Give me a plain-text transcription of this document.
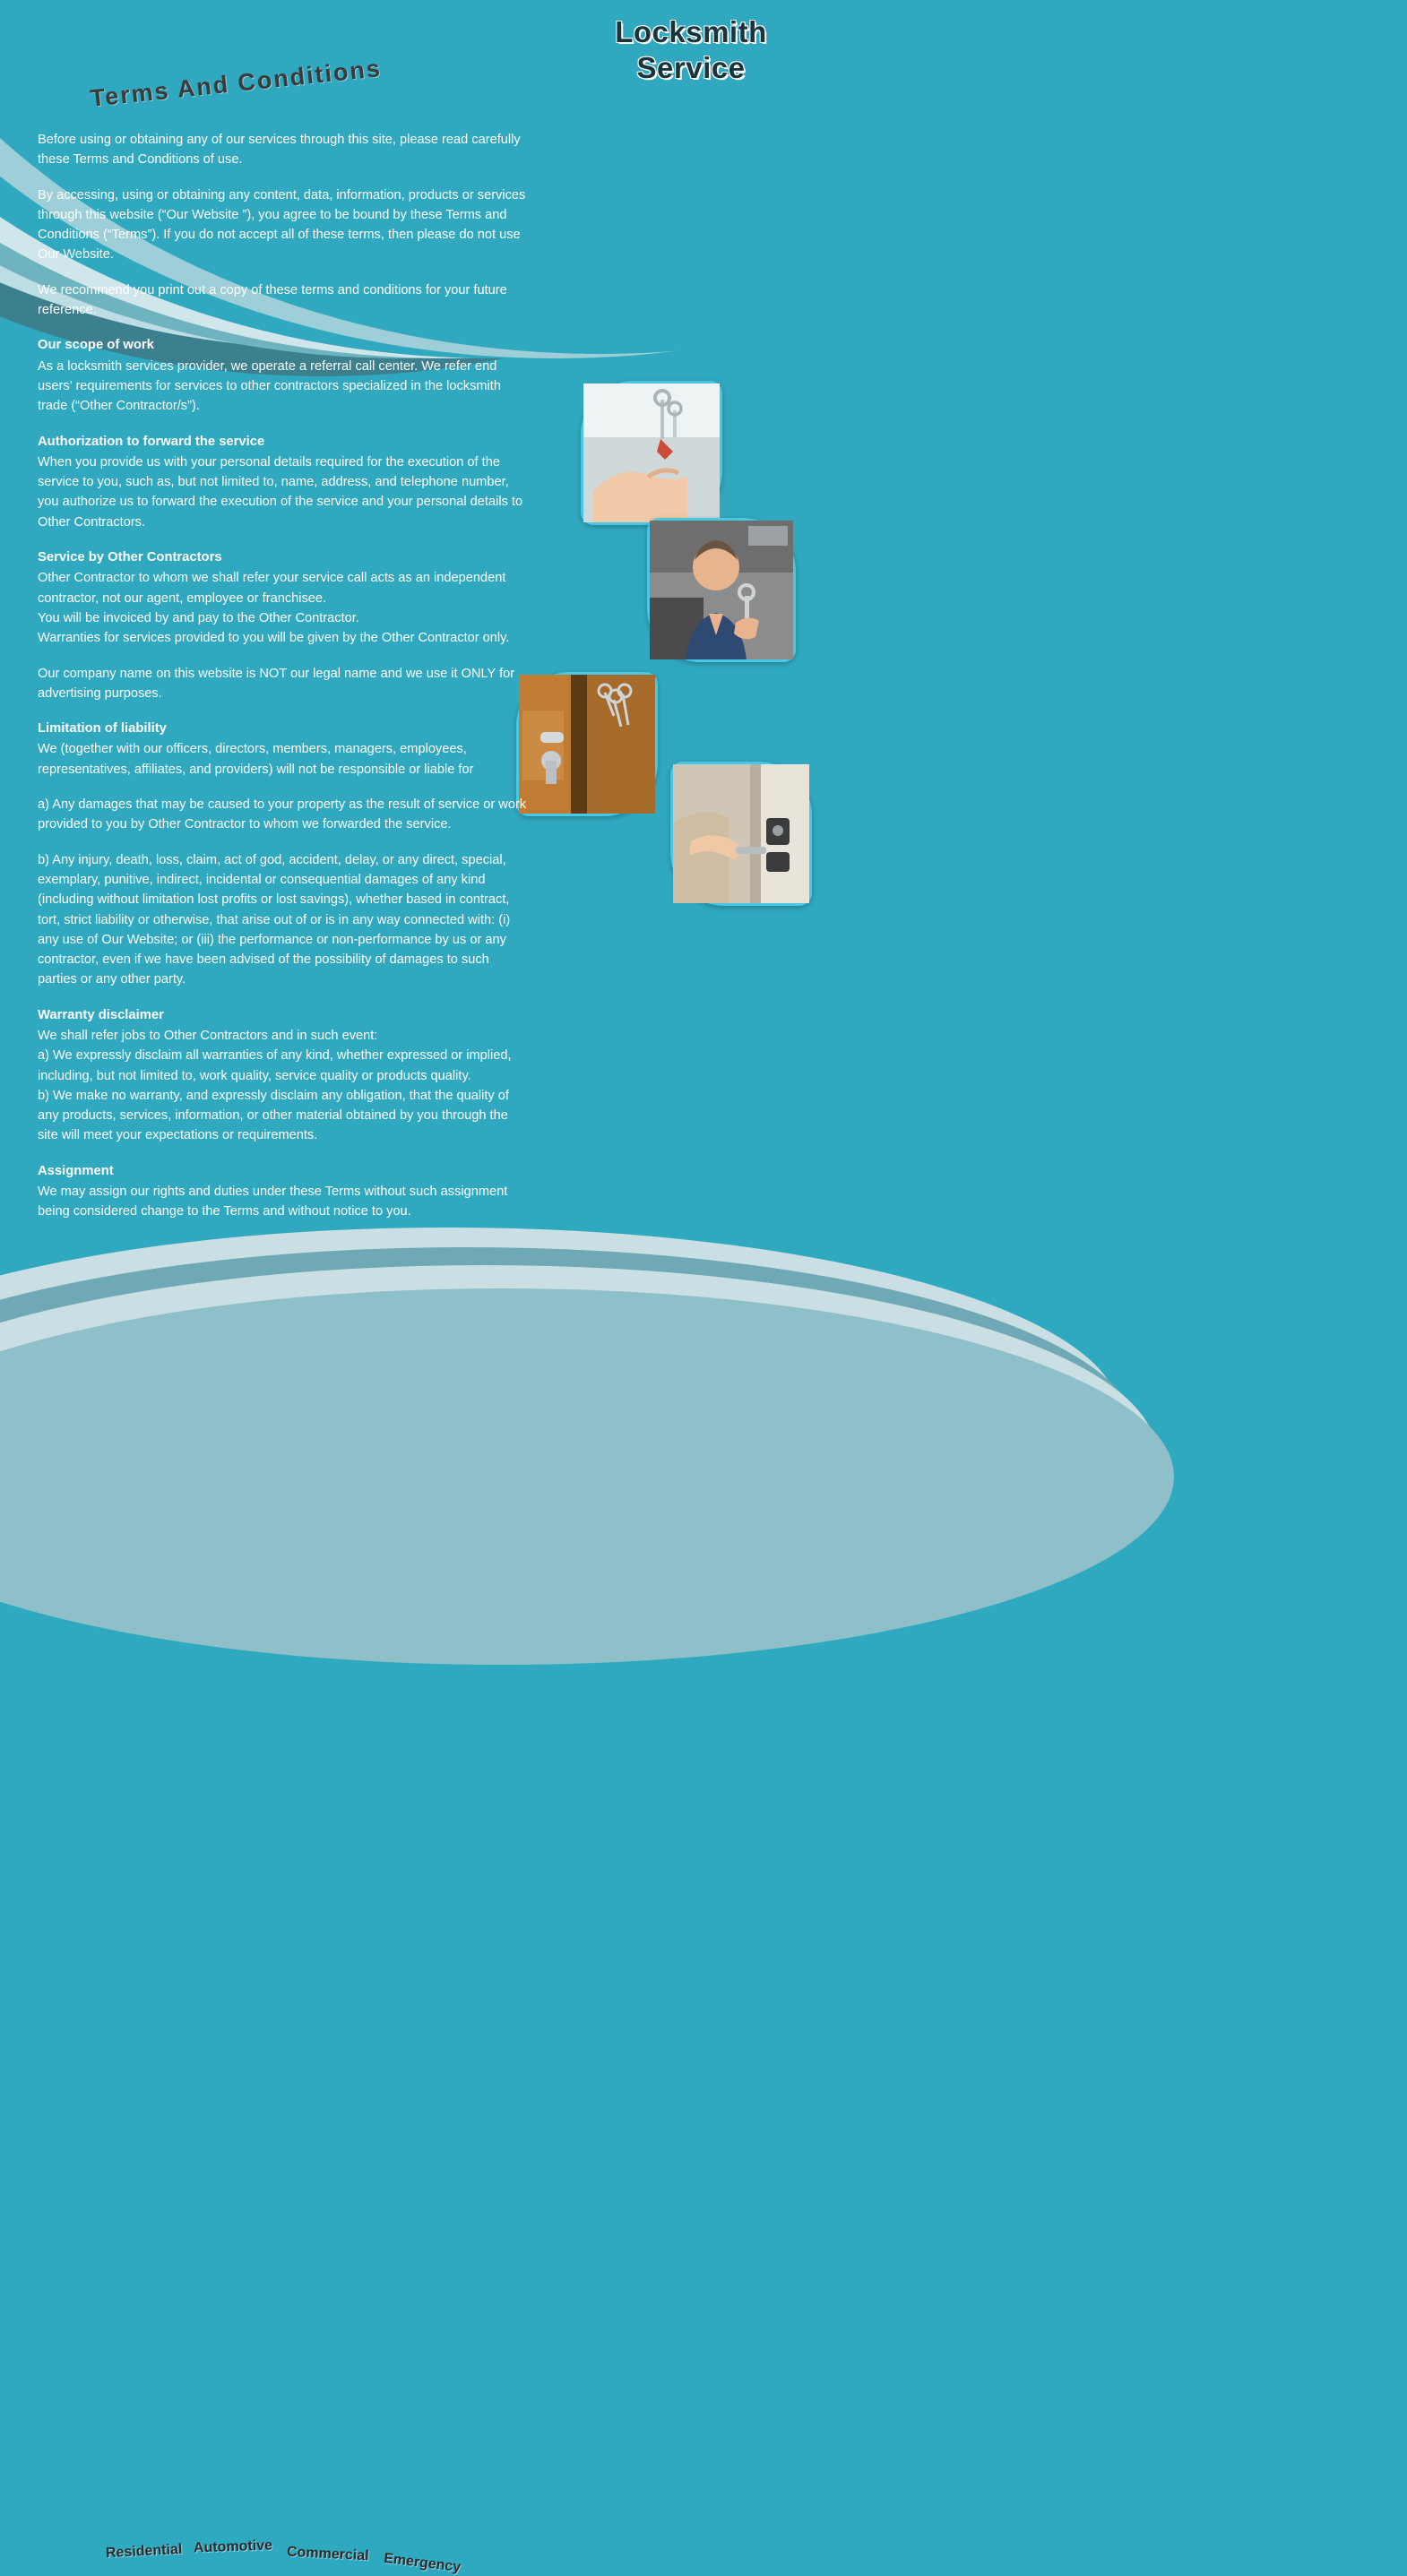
Locksmith
Service
Terms And Conditions

Before using or obtaining any of our services through this site, please read carefully these Terms and Conditions of use.

By accessing, using or obtaining any content, data, information, products or services through this website (“Our Website ”), you agree to be bound by these Terms and Conditions (“Terms”). If you do not accept all of these terms, then please do not use Our Website.

We recommend you print out a copy of these terms and conditions for your future reference.

Our scope of work

As a locksmith services provider, we operate a referral call center. We refer end users’ requirements for services to other contractors specialized in the locksmith trade (“Other Contractor/s”).

Authorization to forward the service

When you provide us with your personal details required for the execution of the service to you, such as, but not limited to, name, address, and telephone number, you authorize us to forward the execution of the service and your personal details to Other Contractors.

Service by Other Contractors

Other Contractor to whom we shall refer your service call acts as an independent contractor, not our agent, employee or franchisee.

You will be invoiced by and pay to the Other Contractor.

Warranties for services provided to you will be given by the Other Contractor only.

Our company name on this website is NOT our legal name and we use it ONLY for advertising purposes.

Limitation of liability

We (together with our officers, directors, members, managers, employees, representatives, affiliates, and providers) will not be responsible or liable for

a) Any damages that may be caused to your property as the result of service or work provided to you by Other Contractor to whom we forwarded the service.

b) Any injury, death, loss, claim, act of god, accident, delay, or any direct, special, exemplary, punitive, indirect, incidental or consequential damages of any kind (including without limitation lost profits or lost savings), whether based in contract, tort, strict liability or otherwise, that arise out of or is in any way connected with: (i) any use of Our Website; or (iii) the performance or non-performance by us or any contractor, even if we have been advised of the possibility of damages to such parties or any other party.

Warranty disclaimer

We shall refer jobs to Other Contractors and in such event:

a) We expressly disclaim all warranties of any kind, whether expressed or implied, including, but not limited to, work quality, service quality or products quality.

b) We make no warranty, and expressly disclaim any obligation, that the quality of any products, services, information, or other material obtained by you through the site will meet your expectations or requirements.

Assignment

We may assign our rights and duties under these Terms without such assignment being considered change to the Terms and without notice to you.

Residential Automotive Commercial Emergency
